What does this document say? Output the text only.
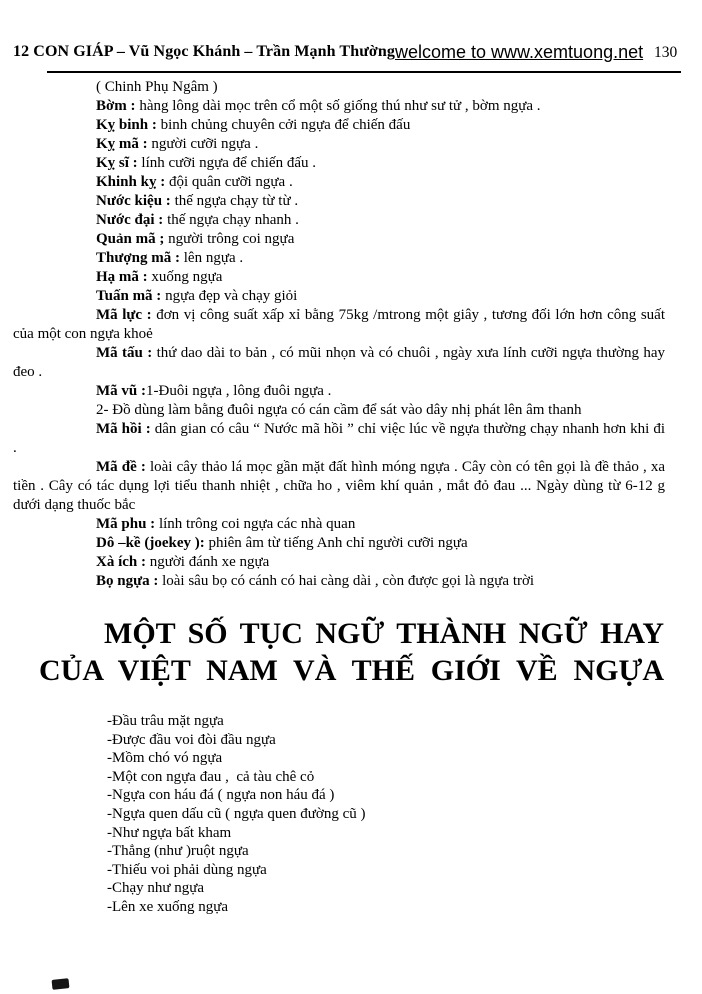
12 CON GIÁP – Vũ Ngọc Khánh – Trần Mạnh Thường welcome to www.xemtuong.net 130

( Chinh Phụ Ngâm )

Bờm : hàng lông dài mọc trên cổ một số giống thú như sư tử , bờm ngựa .

Kỵ binh : binh chủng chuyên cởi ngựa để chiến đấu

Kỵ mã : người cưỡi ngựa .

Kỵ sĩ : lính cưỡi ngựa để chiến đấu .

Khinh kỵ : đội quân cưỡi ngựa .

Nước kiệu : thế ngựa chạy từ từ .

Nước đại : thế ngựa chạy nhanh .

Quản mã ; người trông coi ngựa

Thượng mã : lên ngựa .

Hạ mã : xuống ngựa

Tuấn mã : ngựa đẹp và chạy giỏi

Mã lực : đơn vị công suất xấp xỉ bằng 75kg /mtrong một giây , tương đối lớn hơn công suất của một con ngựa khoẻ

Mã tấu : thứ dao dài to bản , có mũi nhọn và có chuôi , ngày xưa lính cưỡi ngựa thường hay đeo .

Mã vũ :1-Đuôi ngựa , lông đuôi ngựa .

2- Đồ dùng làm bằng đuôi ngựa có cán cầm để sát vào dây nhị phát lên âm thanh

Mã hồi : dân gian có câu “ Nước mã hồi ” chỉ việc lúc về ngựa thường chạy nhanh hơn khi đi .

Mã đề : loài cây thảo lá mọc gần mặt đất hình móng ngựa . Cây còn có tên gọi là đề thảo , xa tiền . Cây có tác dụng lợi tiểu thanh nhiệt , chữa ho , viêm khí quản , mắt đỏ đau ... Ngày dùng từ 6-12 g dưới dạng thuốc bắc

Mã phu : lính trông coi ngựa các nhà quan

Dô –kề (joekey ): phiên âm từ tiếng Anh chỉ người cưỡi ngựa

Xà ích : người đánh xe ngựa

Bọ ngựa : loài sâu bọ có cánh có hai càng dài , còn được gọi là ngựa trời

MỘT SỐ TỤC NGỮ THÀNH NGỮ HAY
CỦA VIỆT NAM VÀ THẾ GIỚI VỀ NGỰA
-Đầu trâu mặt ngựa
-Được đầu voi đòi đầu ngựa
-Mồm chó vó ngựa
-Một con ngựa đau ,  cả tàu chê cỏ
-Ngựa con háu đá ( ngựa non háu đá )
-Ngựa quen dấu cũ ( ngựa quen đường cũ )
-Như ngựa bất kham
-Thẳng (như )ruột ngựa
-Thiếu voi phải dùng ngựa
-Chạy như ngựa
-Lên xe xuống ngựa
